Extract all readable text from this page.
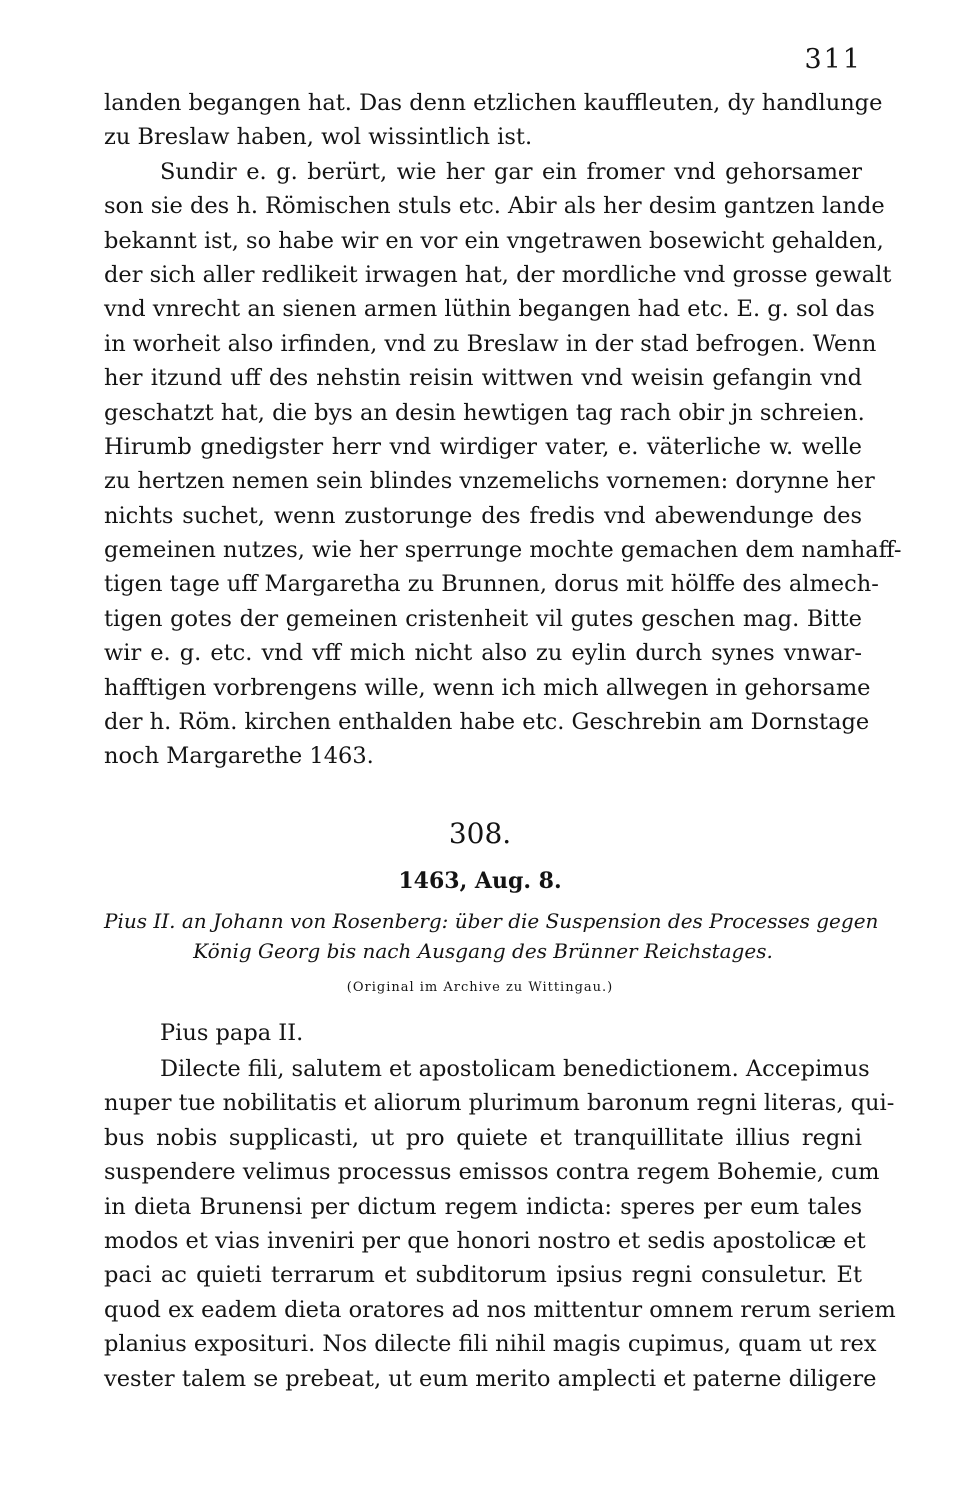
311
landen begangen hat. Das denn etzlichen kauffleuten, dy handlunge
zu Breslaw haben, wol wissintlich ist.
Sundir e. g. berürt, wie her gar ein fromer vnd gehorsamer
son sie des h. Römischen stuls etc. Abir als her desim gantzen lande
bekannt ist, so habe wir en vor ein vngetrawen bosewicht gehalden,
der sich aller redlikeit irwagen hat, der mordliche vnd grosse gewalt
vnd vnrecht an sienen armen lüthin begangen had etc. E. g. sol das
in worheit also irfinden, vnd zu Breslaw in der stad befrogen. Wenn
her itzund uff des nehstin reisin wittwen vnd weisin gefangin vnd
geschatzt hat, die bys an desin hewtigen tag rach obir jn schreien.
Hirumb gnedigster herr vnd wirdiger vater, e. väterliche w. welle
zu hertzen nemen sein blindes vnzemelichs vornemen: dorynne her
nichts suchet, wenn zustorunge des fredis vnd abewendunge des
gemeinen nutzes, wie her sperrunge mochte gemachen dem namhaff-
tigen tage uff Margaretha zu Brunnen, dorus mit hölffe des almech-
tigen gotes der gemeinen cristenheit vil gutes geschen mag. Bitte
wir e. g. etc. vnd vff mich nicht also zu eylin durch synes vnwar-
hafftigen vorbrengens wille, wenn ich mich allwegen in gehorsame
der h. Röm. kirchen enthalden habe etc. Geschrebin am Dornstage
noch Margarethe 1463.
308.
1463, Aug. 8.
Pius II. an Johann von Rosenberg: über die Suspension des Processes gegen
König Georg bis nach Ausgang des Brünner Reichstages.
(Original im Archive zu Wittingau.)
Pius papa II.
Dilecte fili, salutem et apostolicam benedictionem. Accepimus
nuper tue nobilitatis et aliorum plurimum baronum regni literas, qui-
bus nobis supplicasti, ut pro quiete et tranquillitate illius regni
suspendere velimus processus emissos contra regem Bohemie, cum
in dieta Brunensi per dictum regem indicta: speres per eum tales
modos et vias inveniri per que honori nostro et sedis apostolicæ et
paci ac quieti terrarum et subditorum ipsius regni consuletur. Et
quod ex eadem dieta oratores ad nos mittentur omnem rerum seriem
planius exposituri. Nos dilecte fili nihil magis cupimus, quam ut rex
vester talem se prebeat, ut eum merito amplecti et paterne diligere
